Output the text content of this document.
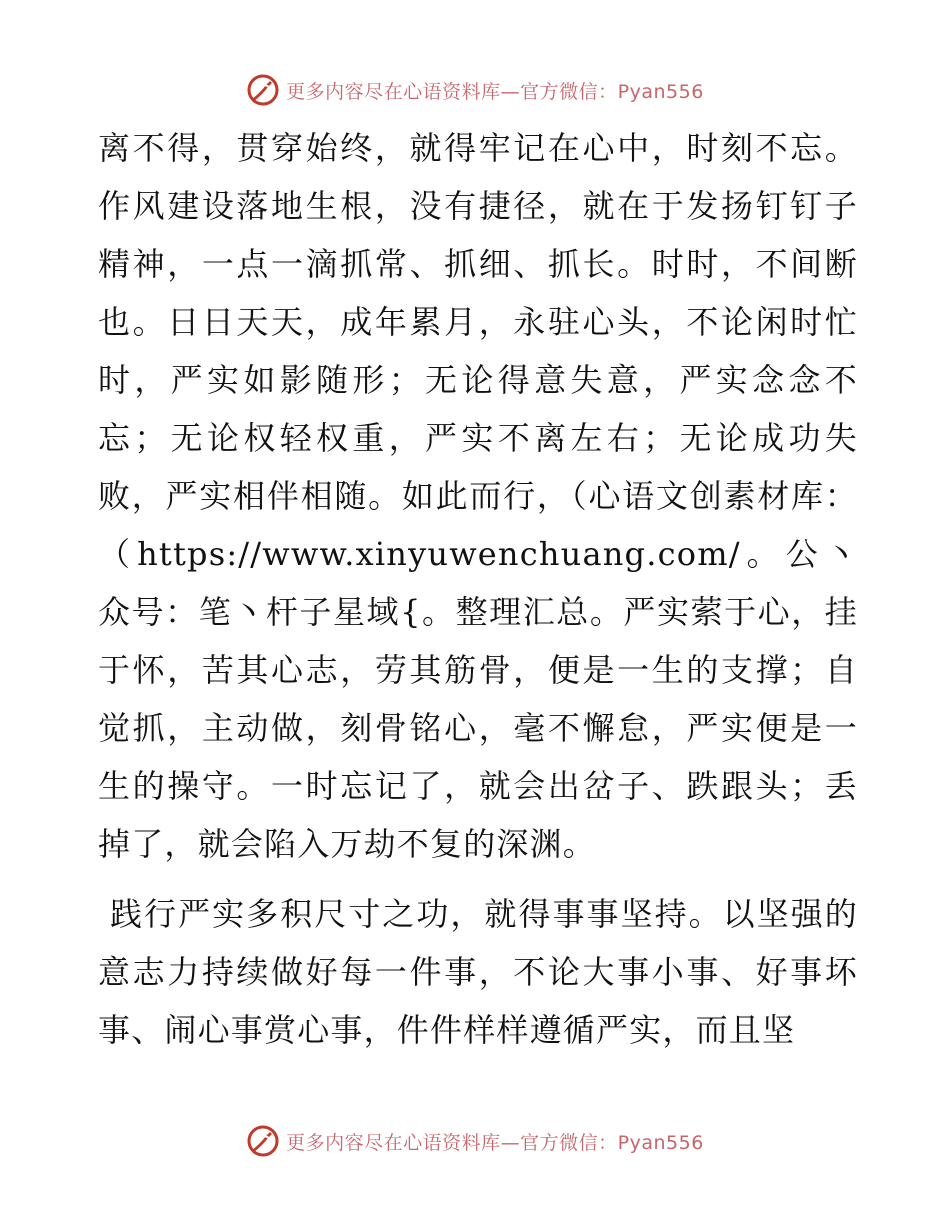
更多内容尽在心语资料库—官方微信：Pyan556

离不得，贯穿始终，就得牢记在心中，时刻不忘。作风建设落地生根，没有捷径，就在于发扬钉钉子精神，一点一滴抓常、抓细、抓长。时时，不间断也。日日天天，成年累月，永驻心头，不论闲时忙时，严实如影随形；无论得意失意，严实念念不忘；无论权轻权重，严实不离左右；无论成功失败，严实相伴相随。如此而行，（心语文创素材库：（https://www.xinyuwenchuang.com/。公丶众号：笔丶杆子星域{。整理汇总。严实萦于心，挂于怀，苦其心志，劳其筋骨，便是一生的支撑；自觉抓，主动做，刻骨铭心，毫不懈怠，严实便是一生的操守。一时忘记了，就会出岔子、跌跟头；丢掉了，就会陷入万劫不复的深渊。

践行严实多积尺寸之功，就得事事坚持。以坚强的意志力持续做好每一件事，不论大事小事、好事坏事、闹心事赏心事，件件样样遵循严实，而且坚

更多内容尽在心语资料库—官方微信：Pyan556
